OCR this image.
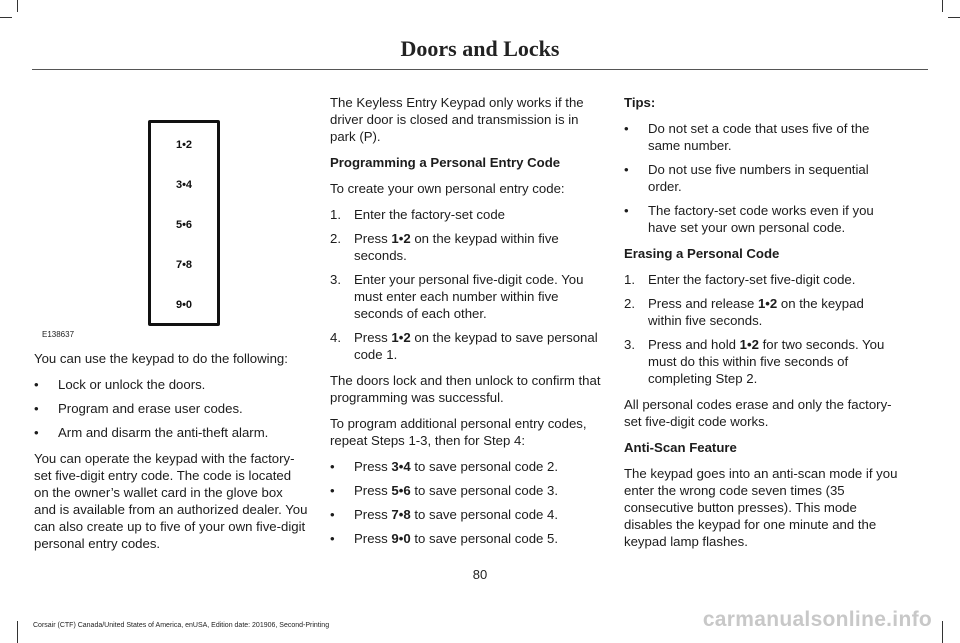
Doors and Locks
1•2
3•4
5•6
7•8
9•0
E138637

You can use the keypad to do the following:

•	Lock or unlock the doors.
•	Program and erase user codes.
•	Arm and disarm the anti-theft alarm.

You can operate the keypad with the factory-set five-digit entry code. The code is located on the owner’s wallet card in the glove box and is available from an authorized dealer. You can also create up to five of your own five-digit personal entry codes.

The Keyless Entry Keypad only works if the driver door is closed and transmission is in park (P).

Programming a Personal Entry Code

To create your own personal entry code:

1. Enter the factory-set code
2. Press 1•2 on the keypad within five seconds.
3. Enter your personal five-digit code. You must enter each number within five seconds of each other.
4. Press 1•2 on the keypad to save personal code 1.

The doors lock and then unlock to confirm that programming was successful.

To program additional personal entry codes, repeat Steps 1-3, then for Step 4:

•	Press 3•4 to save personal code 2.
•	Press 5•6 to save personal code 3.
•	Press 7•8 to save personal code 4.
•	Press 9•0 to save personal code 5.

Tips:

•	Do not set a code that uses five of the same number.
•	Do not use five numbers in sequential order.
•	The factory-set code works even if you have set your own personal code.

Erasing a Personal Code

1. Enter the factory-set five-digit code.
2. Press and release 1•2 on the keypad within five seconds.
3. Press and hold 1•2 for two seconds. You must do this within five seconds of completing Step 2.

All personal codes erase and only the factory-set five-digit code works.

Anti-Scan Feature

The keypad goes into an anti-scan mode if you enter the wrong code seven times (35 consecutive button presses). This mode disables the keypad for one minute and the keypad lamp flashes.

80
Corsair (CTF) Canada/United States of America, enUSA, Edition date: 201906, Second-Printing	carmanualsonline.info
